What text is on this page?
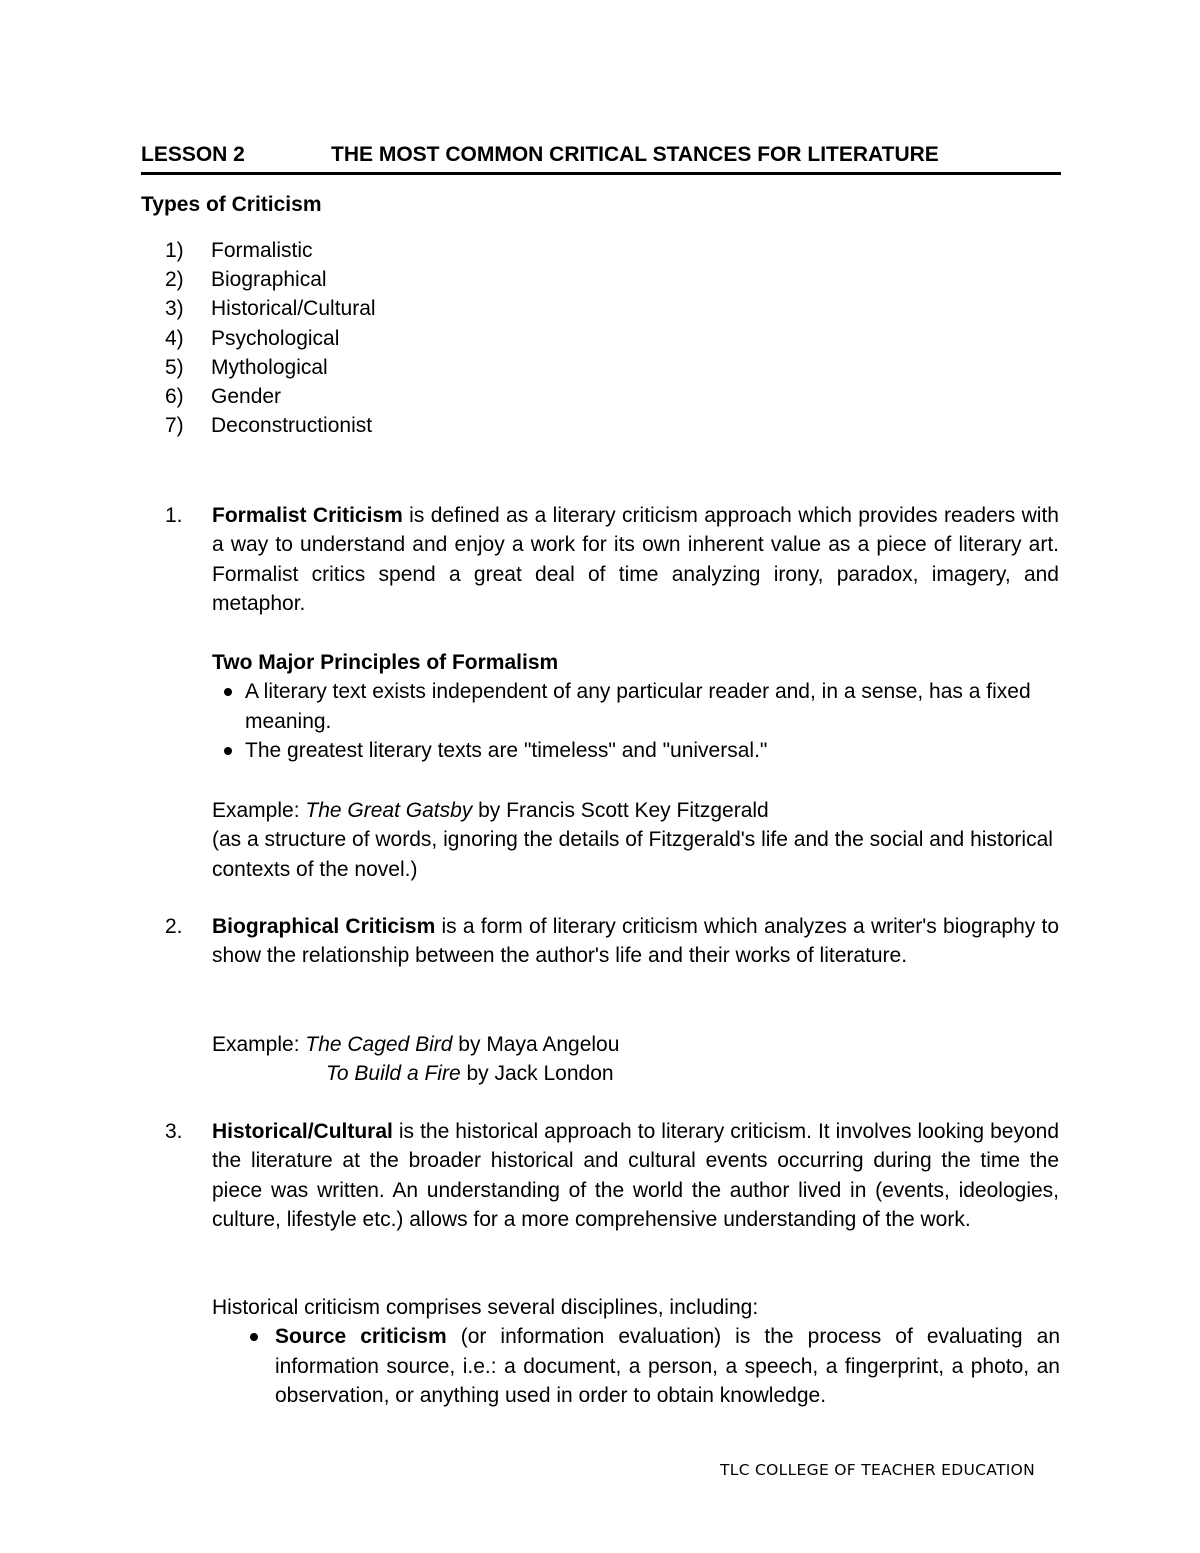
LESSON 2	THE MOST COMMON CRITICAL STANCES FOR LITERATURE
Types of Criticism
1)	Formalistic
2)	Biographical
3)	Historical/Cultural
4)	Psychological
5)	Mythological
6)	Gender
7)	Deconstructionist
1. Formalist Criticism is defined as a literary criticism approach which provides readers with a way to understand and enjoy a work for its own inherent value as a piece of literary art. Formalist critics spend a great deal of time analyzing irony, paradox, imagery, and metaphor.
Two Major Principles of Formalism
A literary text exists independent of any particular reader and, in a sense, has a fixed meaning.
The greatest literary texts are "timeless" and "universal."
Example: The Great Gatsby by Francis Scott Key Fitzgerald
(as a structure of words, ignoring the details of Fitzgerald's life and the social and historical contexts of the novel.)
2. Biographical Criticism is a form of literary criticism which analyzes a writer's biography to show the relationship between the author's life and their works of literature.
Example: The Caged Bird by Maya Angelou
To Build a Fire by Jack London
3. Historical/Cultural is the historical approach to literary criticism. It involves looking beyond the literature at the broader historical and cultural events occurring during the time the piece was written. An understanding of the world the author lived in (events, ideologies, culture, lifestyle etc.) allows for a more comprehensive understanding of the work.
Historical criticism comprises several disciplines, including:
Source criticism (or information evaluation) is the process of evaluating an information source, i.e.: a document, a person, a speech, a fingerprint, a photo, an observation, or anything used in order to obtain knowledge.
TLC COLLEGE OF TEACHER EDUCATION
